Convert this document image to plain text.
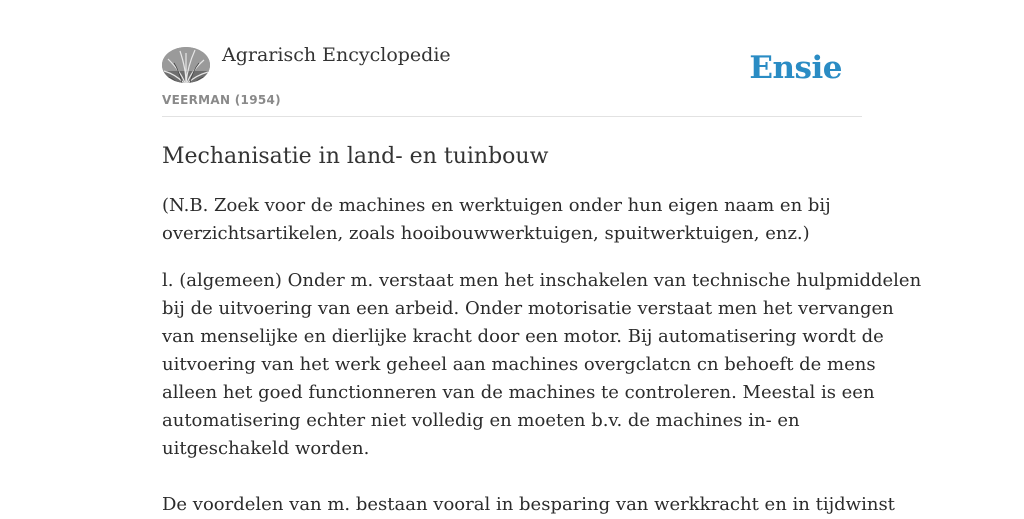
Agrarisch Encyclopedie
VEERMAN (1954)
Ensie
Mechanisatie in land- en tuinbouw

(N.B. Zoek voor de machines en werktuigen onder hun eigen naam en bij
overzichtsartikelen, zoals hooibouwwerktuigen, spuitwerktuigen, enz.)

l. (algemeen) Onder m. verstaat men het inschakelen van technische hulpmiddelen
bij de uitvoering van een arbeid. Onder motorisatie verstaat men het vervangen
van menselijke en dierlijke kracht door een motor. Bij automatisering wordt de
uitvoering van het werk geheel aan machines overgclatcn cn behoeft de mens
alleen het goed functionneren van de machines te controleren. Meestal is een
automatisering echter niet volledig en moeten b.v. de machines in- en
uitgeschakeld worden.

De voordelen van m. bestaan vooral in besparing van werkkracht en in tijdwinst
